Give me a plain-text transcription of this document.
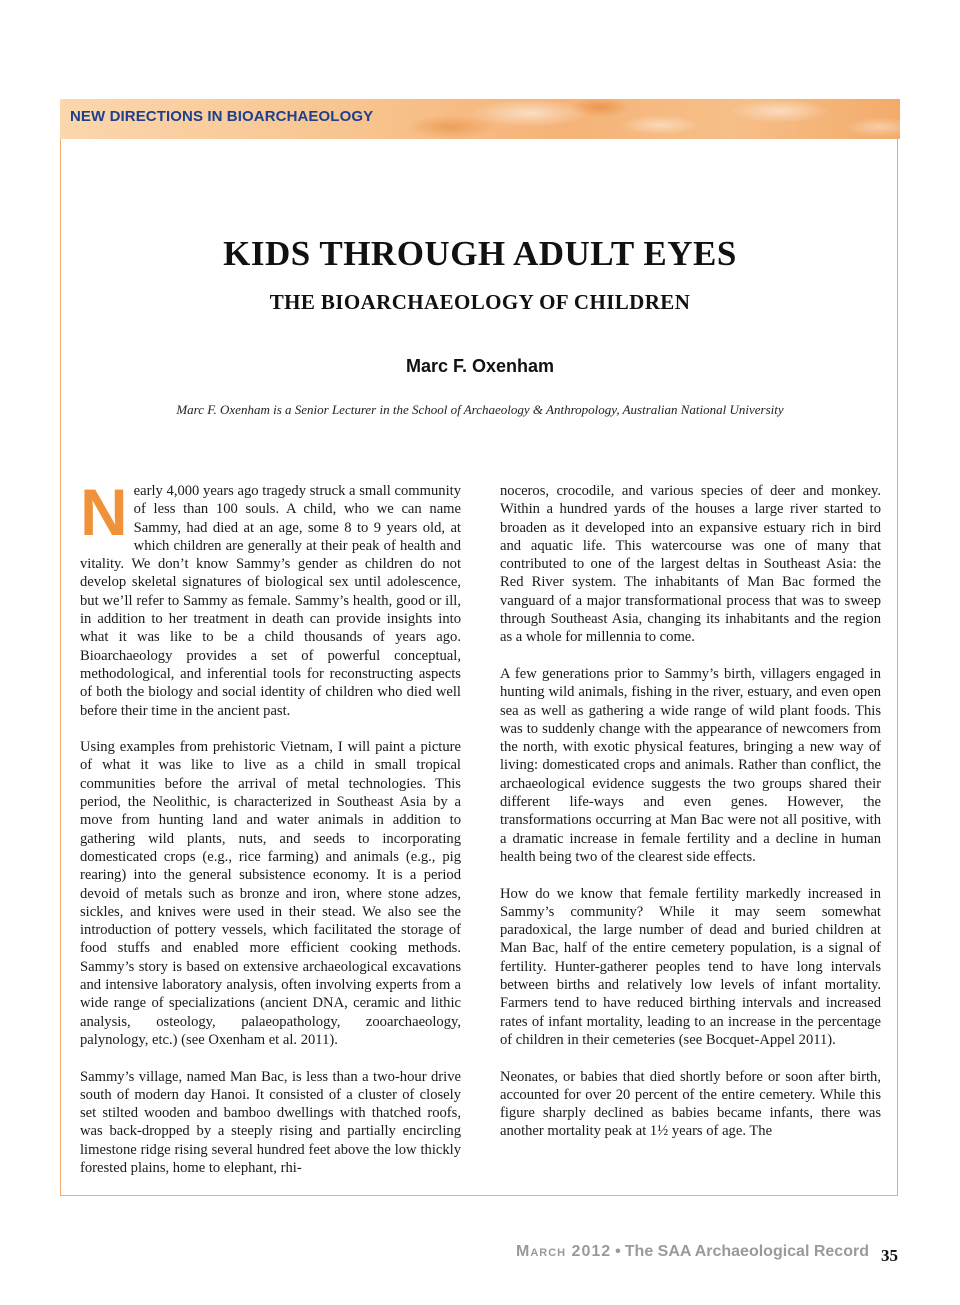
NEW DIRECTIONS IN BIOARCHAEOLOGY
KIDS THROUGH ADULT EYES
THE BIOARCHAEOLOGY OF CHILDREN
Marc F. Oxenham
Marc F. Oxenham is a Senior Lecturer in the School of Archaeology & Anthropology, Australian National University

Nearly 4,000 years ago tragedy struck a small community of less than 100 souls. A child, who we can name Sammy, had died at an age, some 8 to 9 years old, at which children are generally at their peak of health and vitality. We don’t know Sammy’s gender as children do not develop skeletal signatures of biological sex until adolescence, but we’ll refer to Sammy as female. Sammy’s health, good or ill, in addition to her treatment in death can provide insights into what it was like to be a child thousands of years ago. Bioarchaeology provides a set of powerful conceptual, methodological, and inferential tools for reconstructing aspects of both the biology and social identity of children who died well before their time in the ancient past.

Using examples from prehistoric Vietnam, I will paint a picture of what it was like to live as a child in small tropical communities before the arrival of metal technologies. This period, the Neolithic, is characterized in Southeast Asia by a move from hunting land and water animals in addition to gathering wild plants, nuts, and seeds to incorporating domesticated crops (e.g., rice farming) and animals (e.g., pig rearing) into the general subsistence economy. It is a period devoid of metals such as bronze and iron, where stone adzes, sickles, and knives were used in their stead. We also see the introduction of pottery vessels, which facilitated the storage of food stuffs and enabled more efficient cooking methods. Sammy’s story is based on extensive archaeological excavations and intensive laboratory analysis, often involving experts from a wide range of specializations (ancient DNA, ceramic and lithic analysis, osteology, palaeopathology, zooarchaeology, palynology, etc.) (see Oxenham et al. 2011).

Sammy’s village, named Man Bac, is less than a two-hour drive south of modern day Hanoi. It consisted of a cluster of closely set stilted wooden and bamboo dwellings with thatched roofs, was back-dropped by a steeply rising and partially encircling limestone ridge rising several hundred feet above the low thickly forested plains, home to elephant, rhi-

noceros, crocodile, and various species of deer and monkey. Within a hundred yards of the houses a large river started to broaden as it developed into an expansive estuary rich in bird and aquatic life. This watercourse was one of many that contributed to one of the largest deltas in Southeast Asia: the Red River system. The inhabitants of Man Bac formed the vanguard of a major transformational process that was to sweep through Southeast Asia, changing its inhabitants and the region as a whole for millennia to come.

A few generations prior to Sammy’s birth, villagers engaged in hunting wild animals, fishing in the river, estuary, and even open sea as well as gathering a wide range of wild plant foods. This was to suddenly change with the appearance of newcomers from the north, with exotic physical features, bringing a new way of living: domesticated crops and animals. Rather than conflict, the archaeological evidence suggests the two groups shared their different life-ways and even genes. However, the transformations occurring at Man Bac were not all positive, with a dramatic increase in female fertility and a decline in human health being two of the clearest side effects.

How do we know that female fertility markedly increased in Sammy’s community? While it may seem somewhat paradoxical, the large number of dead and buried children at Man Bac, half of the entire cemetery population, is a signal of fertility. Hunter-gatherer peoples tend to have long intervals between births and relatively low levels of infant mortality. Farmers tend to have reduced birthing intervals and increased rates of infant mortality, leading to an increase in the percentage of children in their cemeteries (see Bocquet-Appel 2011).

Neonates, or babies that died shortly before or soon after birth, accounted for over 20 percent of the entire cemetery. While this figure sharply declined as babies became infants, there was another mortality peak at 1½ years of age. The

March 2012 • The SAA Archaeological Record 35
